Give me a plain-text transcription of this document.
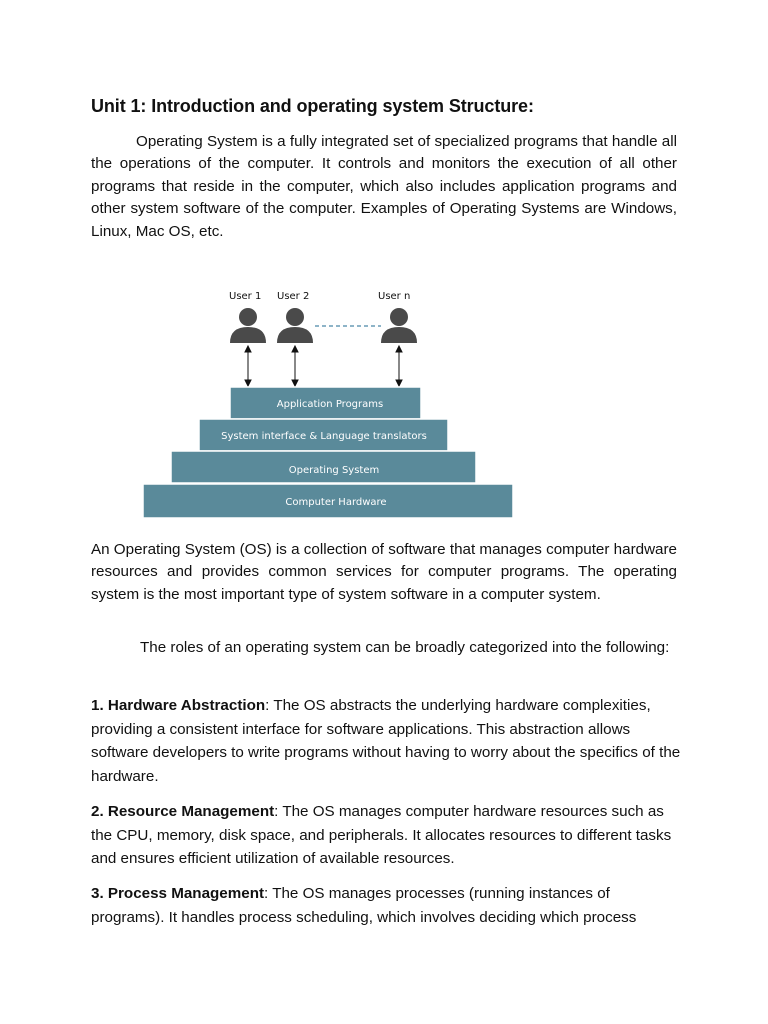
Unit 1: Introduction and operating system Structure:

Operating System is a fully integrated set of specialized programs that handle all the operations of the computer. It controls and monitors the execution of all other programs that reside in the computer, which also includes application programs and other system software of the computer. Examples of Operating Systems are Windows, Linux, Mac OS, etc.

User 1 User 2	User n
Application Programs
System interface & Language translators
Operating System
Computer Hardware

An Operating System (OS) is a collection of software that manages computer hardware resources and provides common services for computer programs. The operating system is the most important type of system software in a computer system.

The roles of an operating system can be broadly categorized into the following:

1. Hardware Abstraction: The OS abstracts the underlying hardware complexities, providing a consistent interface for software applications. This abstraction allows software developers to write programs without having to worry about the specifics of the hardware.

2. Resource Management: The OS manages computer hardware resources such as the CPU, memory, disk space, and peripherals. It allocates resources to different tasks and ensures efficient utilization of available resources.

3. Process Management: The OS manages processes (running instances of programs). It handles process scheduling, which involves deciding which process
